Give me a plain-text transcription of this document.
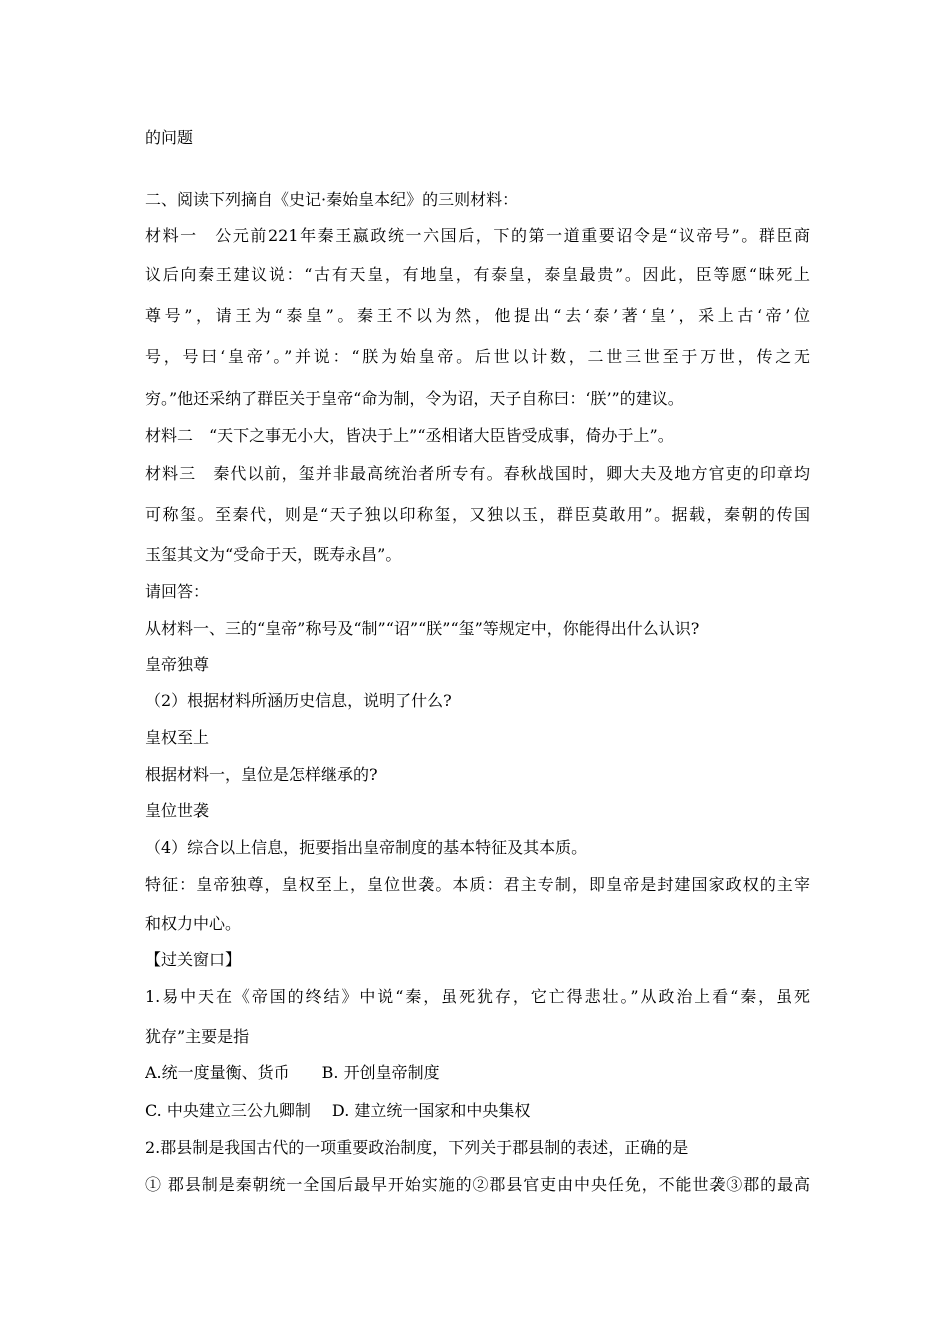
的问题
二、阅读下列摘自《史记·秦始皇本纪》的三则材料：
材料一　公元前221年秦王嬴政统一六国后，下的第一道重要诏令是“议帝号”。群臣商
议后向秦王建议说：“古有天皇，有地皇，有泰皇，泰皇最贵”。因此，臣等愿“昧死上
尊号”，请王为“泰皇”。秦王不以为然，他提出“去‘泰’著‘皇’，采上古‘帝’位
号，号曰‘皇帝’。”并说：“朕为始皇帝。后世以计数，二世三世至于万世，传之无
穷。”他还采纳了群臣关于皇帝“命为制，令为诏，天子自称曰：‘朕’”的建议。
材料二　“天下之事无小大，皆决于上”“丞相诸大臣皆受成事，倚办于上”。
材料三　秦代以前，玺并非最高统治者所专有。春秋战国时，卿大夫及地方官吏的印章均
可称玺。至秦代，则是“天子独以印称玺，又独以玉，群臣莫敢用”。据载，秦朝的传国
玉玺其文为“受命于天，既寿永昌”。
请回答：
从材料一、三的“皇帝”称号及“制”“诏”“朕”“玺”等规定中，你能得出什么认识?
皇帝独尊
（2）根据材料所涵历史信息，说明了什么?
皇权至上
根据材料一，皇位是怎样继承的?
皇位世袭
（4）综合以上信息，扼要指出皇帝制度的基本特征及其本质。
特征：皇帝独尊，皇权至上，皇位世袭。本质：君主专制，即皇帝是封建国家政权的主宰
和权力中心。
【过关窗口】
1.易中天在《帝国的终结》中说“秦，虽死犹存，它亡得悲壮。”从政治上看“秦，虽死
犹存”主要是指
A.统一度量衡、货币　　B. 开创皇帝制度
C. 中央建立三公九卿制　 D. 建立统一国家和中央集权
2.郡县制是我国古代的一项重要政治制度，下列关于郡县制的表述，正确的是
① 郡县制是秦朝统一全国后最早开始实施的②郡县官吏由中央任免，不能世袭③郡的最高
